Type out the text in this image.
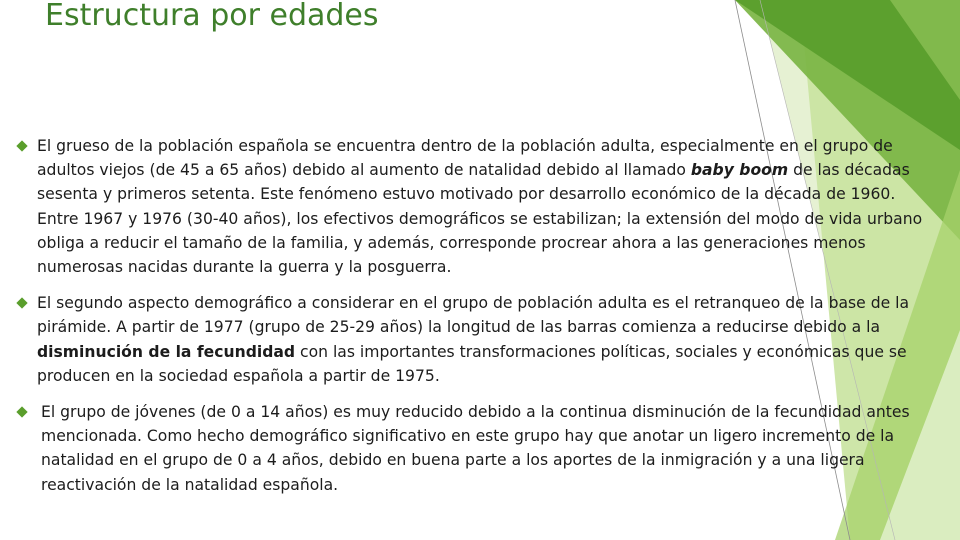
Estructura por edades

El grueso de la población española se encuentra dentro de la población adulta, especialmente en el grupo de adultos viejos (de 45 a 65 años) debido al aumento de natalidad debido al llamado baby boom de las décadas sesenta y primeros setenta. Este fenómeno estuvo motivado por desarrollo económico de la década de 1960. Entre 1967 y 1976 (30-40 años), los efectivos demográficos se estabilizan; la extensión del modo de vida urbano obliga a reducir el tamaño de la familia, y además, corresponde procrear ahora a las generaciones menos numerosas nacidas durante la guerra y la posguerra.

El segundo aspecto demográfico a considerar en el grupo de población adulta es el retranqueo de la base de la pirámide. A partir de 1977 (grupo de 25-29 años) la longitud de las barras comienza a reducirse debido a la disminución de la fecundidad con las importantes transformaciones políticas, sociales y económicas que se producen en la sociedad española a partir de 1975.

El grupo de jóvenes (de 0 a 14 años) es muy reducido debido a la continua disminución de la fecundidad antes mencionada. Como hecho demográfico significativo en este grupo hay que anotar un ligero incremento de la natalidad en el grupo de 0 a 4 años, debido en buena parte a los aportes de la inmigración y a una ligera reactivación de la natalidad española.
